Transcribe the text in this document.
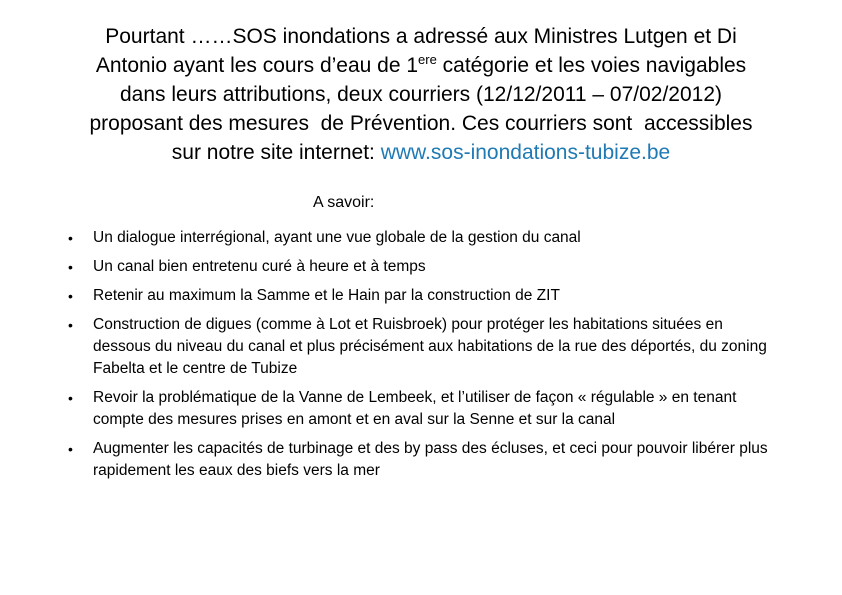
Pourtant ……SOS inondations a adressé aux Ministres Lutgen et Di
Antonio ayant les cours d’eau de 1ere catégorie et les voies navigables
dans leurs attributions, deux courriers (12/12/2011 – 07/02/2012)
proposant des mesures  de Prévention. Ces courriers sont  accessibles
sur notre site internet: www.sos-inondations-tubize.be
A savoir:
•	Un dialogue interrégional, ayant une vue globale de la gestion du canal
•	Un canal bien entretenu curé à heure et à temps
•	Retenir au maximum la Samme et le Hain par la construction de ZIT
•	Construction de digues (comme à Lot et Ruisbroek) pour protéger les habitations situées en dessous du niveau du canal et plus précisément aux habitations de la rue des déportés, du zoning Fabelta et le centre de Tubize
•	Revoir la problématique de la Vanne de Lembeek, et l’utiliser de façon « régulable » en tenant compte des mesures prises en amont et en aval sur la Senne et sur la canal
•	Augmenter les capacités de turbinage et des by pass des écluses, et ceci pour pouvoir libérer plus rapidement les eaux des biefs vers la mer
